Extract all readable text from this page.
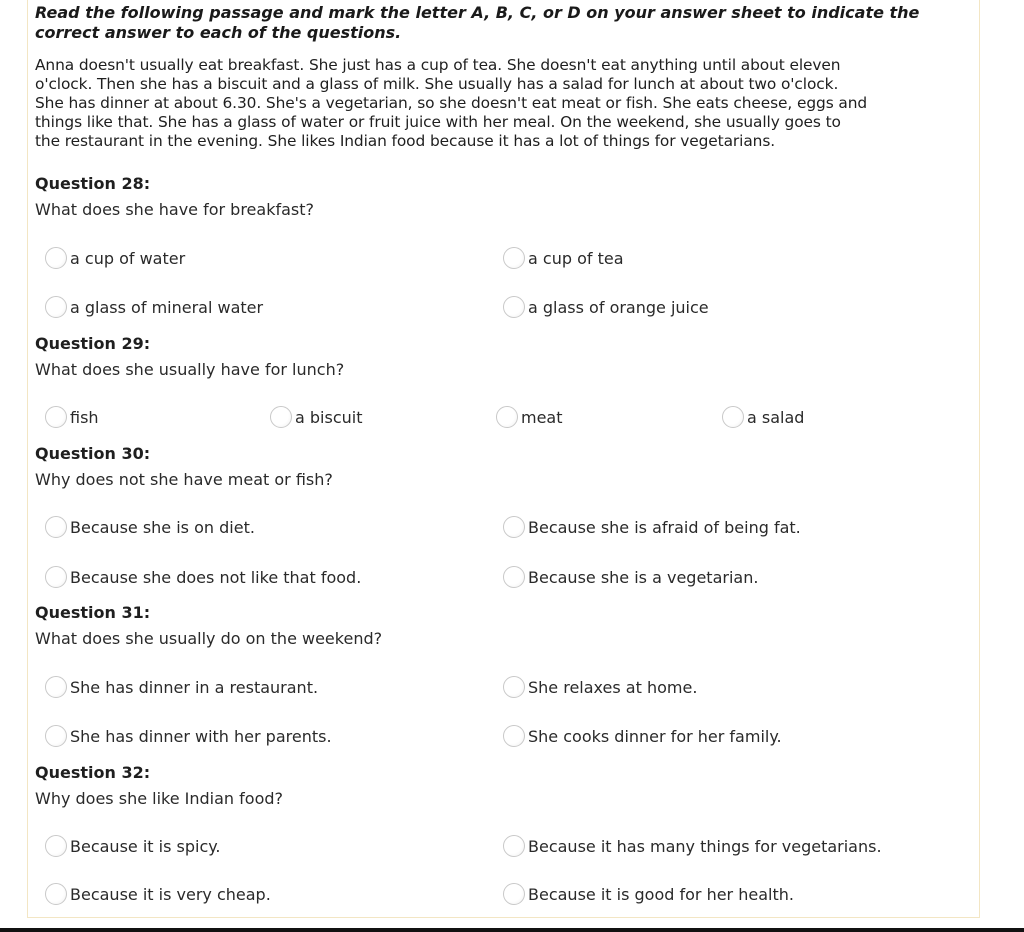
Read the following passage and mark the letter A, B, C, or D on your answer sheet to indicate the correct answer to each of the questions.
Anna doesn't usually eat breakfast. She just has a cup of tea. She doesn't eat anything until about eleven
o'clock. Then she has a biscuit and a glass of milk. She usually has a salad for lunch at about two o'clock.
She has dinner at about 6.30. She's a vegetarian, so she doesn't eat meat or fish. She eats cheese, eggs and
things like that. She has a glass of water or fruit juice with her meal. On the weekend, she usually goes to
the restaurant in the evening. She likes Indian food because it has a lot of things for vegetarians.
Question 28:
What does she have for breakfast?
a cup of water	a cup of tea
a glass of mineral water	a glass of orange juice
Question 29:
What does she usually have for lunch?
fish	a biscuit	meat	a salad
Question 30:
Why does not she have meat or fish?
Because she is on diet.	Because she is afraid of being fat.
Because she does not like that food.	Because she is a vegetarian.
Question 31:
What does she usually do on the weekend?
She has dinner in a restaurant.	She relaxes at home.
She has dinner with her parents.	She cooks dinner for her family.
Question 32:
Why does she like Indian food?
Because it is spicy.	Because it has many things for vegetarians.
Because it is very cheap.	Because it is good for her health.
